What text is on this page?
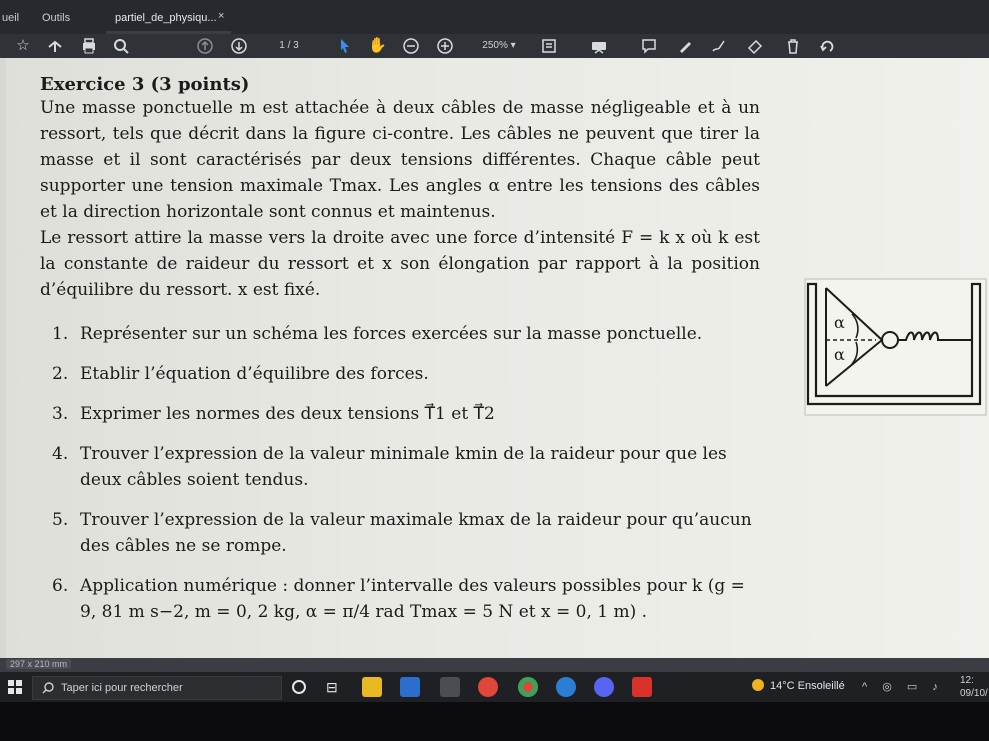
ueil Outils	partiel_de_physiqu... ×
☆	1 / 3	✋	250% ▾

Exercice 3 (3 points)

Une masse ponctuelle m est attachée à deux câbles de masse négligeable et à un ressort, tels que décrit dans la figure ci-contre. Les câbles ne peuvent que tirer la masse et il sont caractérisés par deux tensions différentes. Chaque câble peut supporter une tension maximale Tmax. Les angles α entre les tensions des câbles et la direction horizontale sont connus et maintenus.

Le ressort attire la masse vers la droite avec une force d’intensité F = k x où k est la constante de raideur du ressort et x son élongation par rapport à la position d’équilibre du ressort. x est fixé.

1. Représenter sur un schéma les forces exercées sur la masse ponctuelle.
2. Etablir l’équation d’équilibre des forces.
3. Exprimer les normes des deux tensions T⃗1 et T⃗2
4. Trouver l’expression de la valeur minimale kmin de la raideur pour que les deux câbles soient tendus.
5. Trouver l’expression de la valeur maximale kmax de la raideur pour qu’aucun des câbles ne se rompe.
6. Application numérique : donner l’intervalle des valeurs possibles pour k (g = 9, 81 m s−2, m = 0, 2 kg, α = π/4 rad Tmax = 5 N et x = 0, 1 m) .
α
α
297 x 210 mm
Taper ici pour rechercher	⊟	14°C Ensoleillé ^ ◎ ▭ ♪
12:
09/10/
